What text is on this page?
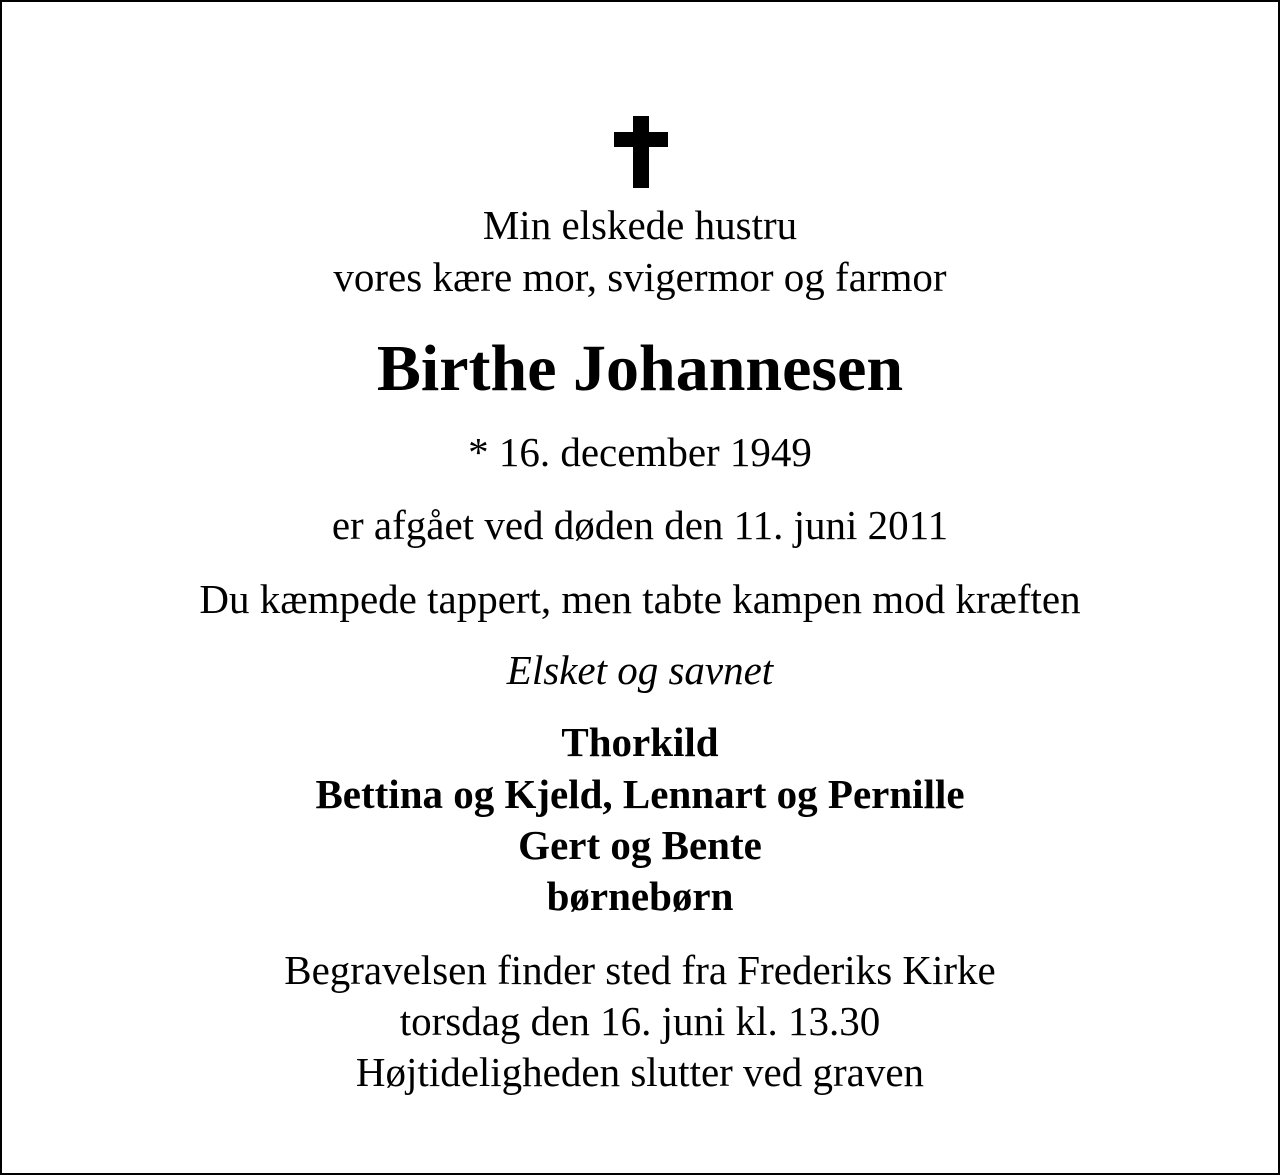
Min elskede hustru
vores kære mor, svigermor og farmor
Birthe Johannesen
* 16. december 1949
er afgået ved døden den 11. juni 2011
Du kæmpede tappert, men tabte kampen mod kræften
Elsket og savnet
Thorkild
Bettina og Kjeld, Lennart og Pernille
Gert og Bente
børnebørn
Begravelsen finder sted fra Frederiks Kirke
torsdag den 16. juni kl. 13.30
Højtideligheden slutter ved graven
